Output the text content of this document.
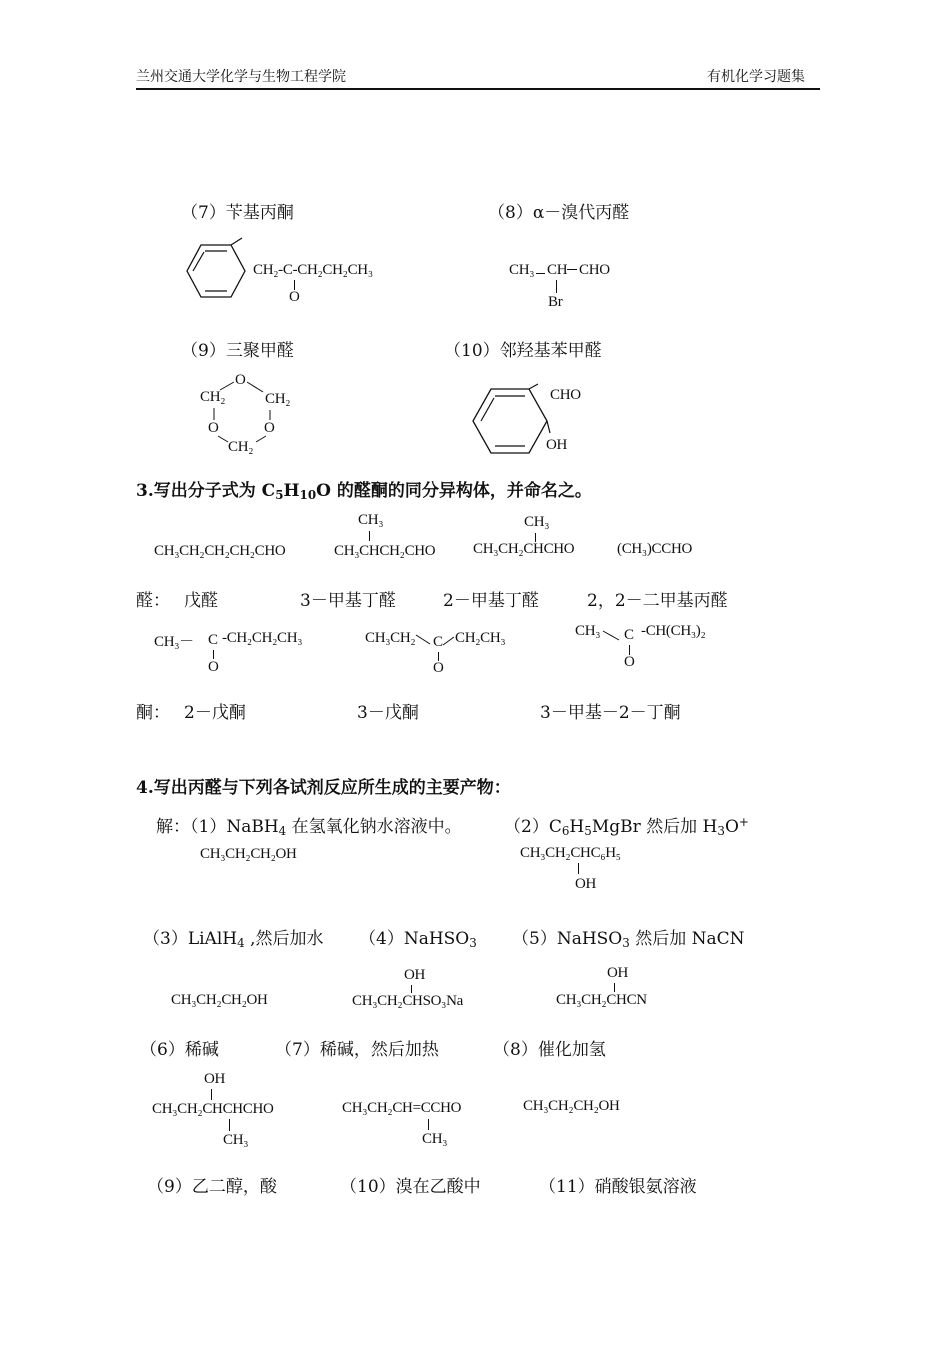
兰州交通大学化学与生物工程学院	有机化学习题集
（7）苄基丙酮	（8）α－溴代丙醛
CH₂-C-CH₂CH₂CH₃
O
CH₃ CH CHO
Br
（9）三聚甲醛	（10）邻羟基苯甲醛
O
CH₂	CH₂
O	O
CH₂
CHO
OH
3.写出分子式为 $C_5H_{10}O$ 的醛酮的同分异构体，并命名之。
CH₃CH₂CH₂CH₂CHO
CH₃
CH₃CHCH₂CHO
CH₃
CH₃CH₂CHCHO	(CH₃)CCHO
醛： 戊醛	3－甲基丁醛	2－甲基丁醛	2，2－二甲基丙醛
CH₃－ C -CH₂CH₂CH₃
O
CH₃CH₂ C CH₂CH₃
O
CH₃ C -CH(CH₃)₂
O
酮： 2－戊酮	3－戊酮	3－甲基－2－丁酮
4.写出丙醛与下列各试剂反应所生成的主要产物：
解：（1）NaBH$_4$ 在氢氧化钠水溶液中。 $(2)C_6H_5MgBr$ 然后加 $H_3O^+$
CH₃CH₂CH₂OH	CH₃CH₂CHC₆H₅
OH
（3）LiAlH$_4$ ,然后加水 （4）NaHSO$_3$ （5）NaHSO$_3$ 然后加 NaCN
CH₃CH₂CH₂OH
OH
CH₃CH₂CHSO₃Na
OH
CH₃CH₂CHCN
（6）稀碱	（7）稀碱，然后加热	（8）催化加氢
OH
CH₃CH₂CHCHCHO
CH₃
CH₃CH₂CH=CCHO
CH₃
CH₃CH₂CH₂OH
（9）乙二醇，酸	（10）溴在乙酸中	（11）硝酸银氨溶液
